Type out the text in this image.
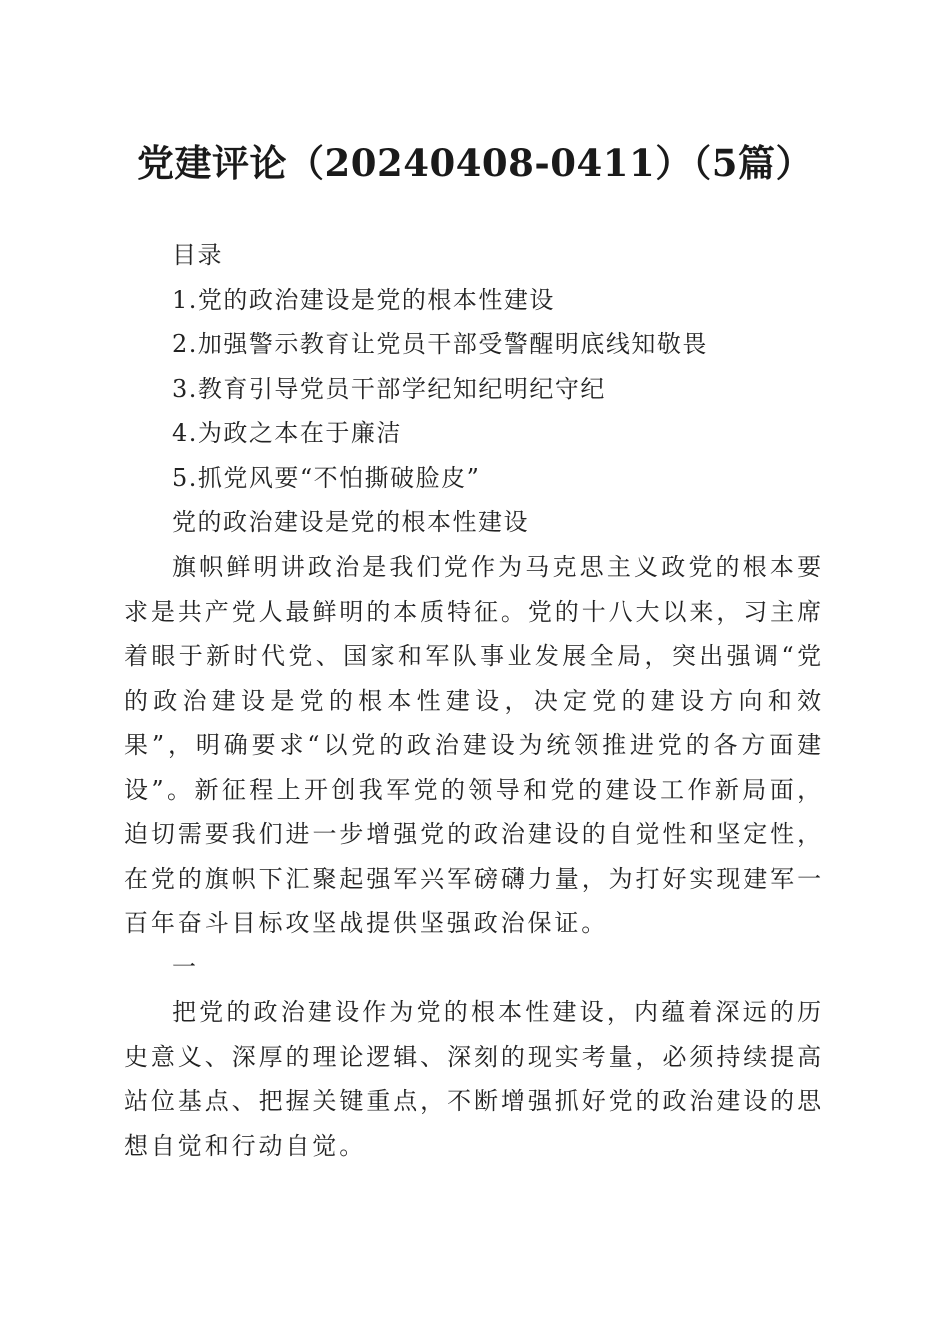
党建评论（20240408-0411）（5篇）
目录
1.党的政治建设是党的根本性建设
2.加强警示教育让党员干部受警醒明底线知敬畏
3.教育引导党员干部学纪知纪明纪守纪
4.为政之本在于廉洁
5.抓党风要“不怕撕破脸皮”
党的政治建设是党的根本性建设

旗帜鲜明讲政治是我们党作为马克思主义政党的根本要求是共产党人最鲜明的本质特征。党的十八大以来，习主席着眼于新时代党、国家和军队事业发展全局，突出强调“党的政治建设是党的根本性建设，决定党的建设方向和效果”，明确要求“以党的政治建设为统领推进党的各方面建设”。新征程上开创我军党的领导和党的建设工作新局面，迫切需要我们进一步增强党的政治建设的自觉性和坚定性，在党的旗帜下汇聚起强军兴军磅礴力量，为打好实现建军一百年奋斗目标攻坚战提供坚强政治保证。

一

把党的政治建设作为党的根本性建设，内蕴着深远的历史意义、深厚的理论逻辑、深刻的现实考量，必须持续提高站位基点、把握关键重点，不断增强抓好党的政治建设的思想自觉和行动自觉。
